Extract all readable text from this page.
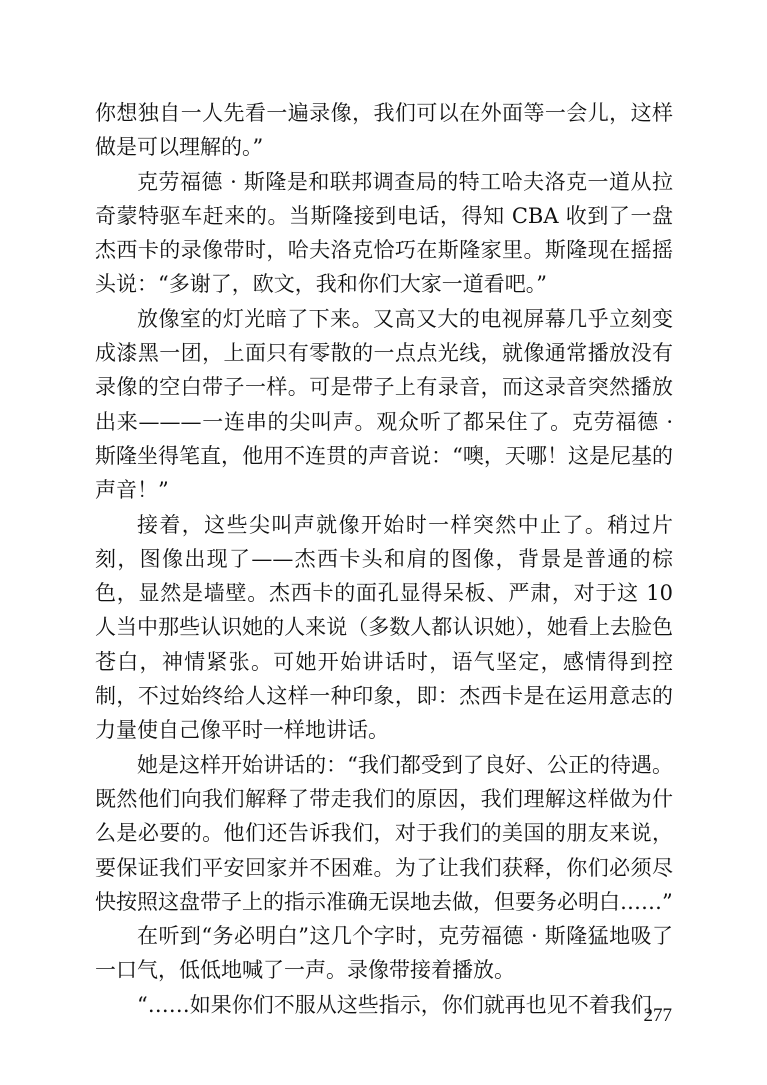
你想独自一人先看一遍录像，我们可以在外面等一会儿，这样做是可以理解的。”

克劳福德 · 斯隆是和联邦调查局的特工哈夫洛克一道从拉奇蒙特驱车赶来的。当斯隆接到电话，得知 CBA 收到了一盘杰西卡的录像带时，哈夫洛克恰巧在斯隆家里。斯隆现在摇摇头说：“多谢了，欧文，我和你们大家一道看吧。”

放像室的灯光暗了下来。又高又大的电视屏幕几乎立刻变成漆黑一团，上面只有零散的一点点光线，就像通常播放没有录像的空白带子一样。可是带子上有录音，而这录音突然播放出来———一连串的尖叫声。观众听了都呆住了。克劳福德 · 斯隆坐得笔直，他用不连贯的声音说：“噢，天哪！这是尼基的声音！”

接着，这些尖叫声就像开始时一样突然中止了。稍过片刻，图像出现了——杰西卡头和肩的图像，背景是普通的棕色，显然是墙壁。杰西卡的面孔显得呆板、严肃，对于这 10 人当中那些认识她的人来说（多数人都认识她），她看上去脸色苍白，神情紧张。可她开始讲话时，语气坚定，感情得到控制，不过始终给人这样一种印象，即：杰西卡是在运用意志的力量使自己像平时一样地讲话。

她是这样开始讲话的：“我们都受到了良好、公正的待遇。既然他们向我们解释了带走我们的原因，我们理解这样做为什么是必要的。他们还告诉我们，对于我们的美国的朋友来说，要保证我们平安回家并不困难。为了让我们获释，你们必须尽快按照这盘带子上的指示准确无误地去做，但要务必明白……”

在听到“务必明白”这几个字时，克劳福德 · 斯隆猛地吸了一口气，低低地喊了一声。录像带接着播放。

“……如果你们不服从这些指示，你们就再也见不着我们

277
